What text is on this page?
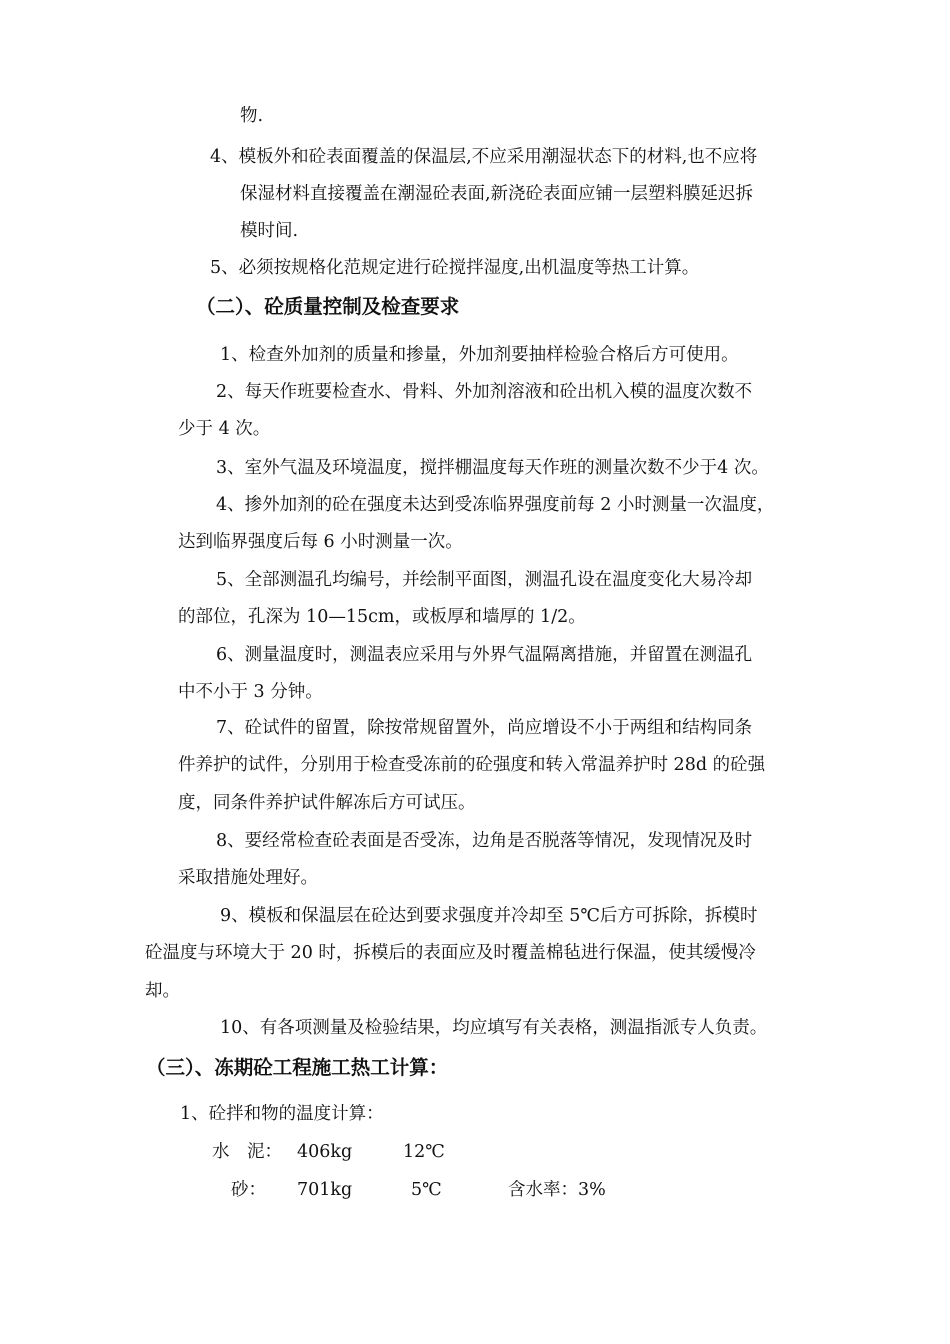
物.

4、模板外和砼表面覆盖的保温层,不应采用潮湿状态下的材料,也不应将

保湿材料直接覆盖在潮湿砼表面,新浇砼表面应铺一层塑料膜延迟拆

模时间.

5、必须按规格化范规定进行砼搅拌湿度,出机温度等热工计算。

（二）、砼质量控制及检查要求

1、检查外加剂的质量和掺量，外加剂要抽样检验合格后方可使用。

2、每天作班要检查水、骨料、外加剂溶液和砼出机入模的温度次数不

少于 4 次。

3、室外气温及环境温度，搅拌棚温度每天作班的测量次数不少于4 次。

4、掺外加剂的砼在强度未达到受冻临界强度前每 2 小时测量一次温度，

达到临界强度后每 6 小时测量一次。

5、全部测温孔均编号，并绘制平面图，测温孔设在温度变化大易冷却

的部位，孔深为 10—15cm，或板厚和墙厚的 1/2。

6、测量温度时，测温表应采用与外界气温隔离措施，并留置在测温孔

中不小于 3 分钟。

7、砼试件的留置，除按常规留置外，尚应增设不小于两组和结构同条

件养护的试件，分别用于检查受冻前的砼强度和转入常温养护时 28d 的砼强

度，同条件养护试件解冻后方可试压。

8、要经常检查砼表面是否受冻，边角是否脱落等情况，发现情况及时

采取措施处理好。

9、模板和保温层在砼达到要求强度并冷却至 5℃后方可拆除，拆模时

砼温度与环境大于 20 时，拆模后的表面应及时覆盖棉毡进行保温，使其缓慢冷

却。

10、有各项测量及检验结果，均应填写有关表格，测温指派专人负责。

（三）、冻期砼工程施工热工计算：

1、砼拌和物的温度计算：

水　泥： 406kg	12℃

砂： 701kg	5℃	含水率：3%
